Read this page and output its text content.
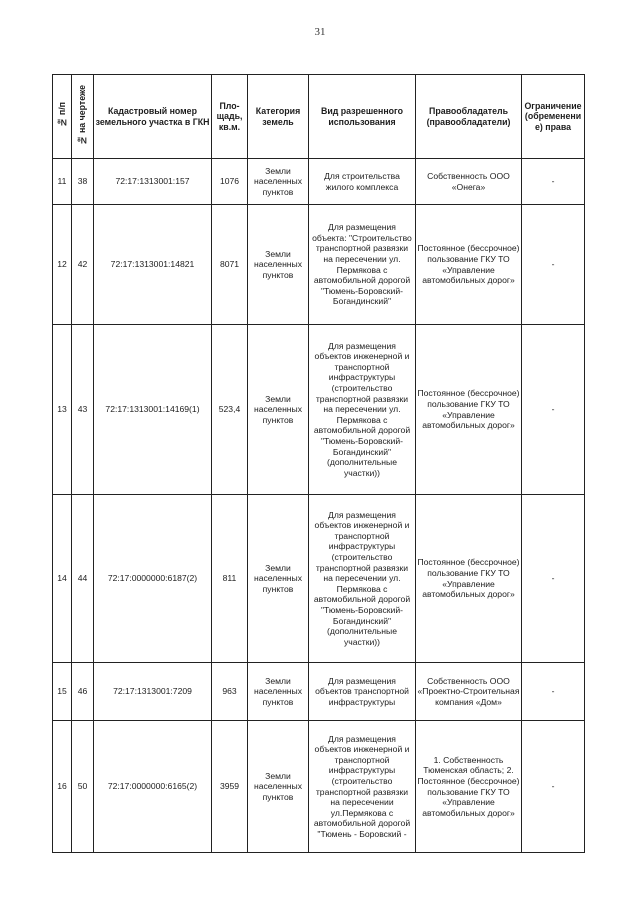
31
№ п/п	№ на чертеже	Кадастровый номер земельного участка в ГКН	Пло-щадь, кв.м.	Категория земель	Вид разрешенного использования	Правообладатель (правообладатели)	Ограничение (обременение) права
11	38	72:17:1313001:157	1076	Земли населенных пунктов	Для строительства жилого комплекса	Собственность ООО «Онега»	-
12	42	72:17:1313001:14821	8071	Земли населенных пунктов	Для размещения объекта: "Строительство транспортной развязки на пересечении ул. Пермякова с автомобильной дорогой "Тюмень-Боровский-Богандинский"	Постоянное (бессрочное) пользование ГКУ ТО «Управление автомобильных дорог»	-
13	43	72:17:1313001:14169(1)	523,4	Земли населенных пунктов	Для размещения объектов инженерной и транспортной инфраструктуры (строительство транспортной развязки на пересечении ул. Пермякова с автомобильной дорогой "Тюмень-Боровский-Богандинский" (дополнительные участки))	Постоянное (бессрочное) пользование ГКУ ТО «Управление автомобильных дорог»	-
14	44	72:17:0000000:6187(2)	811	Земли населенных пунктов	Для размещения объектов инженерной и транспортной инфраструктуры (строительство транспортной развязки на пересечении ул. Пермякова с автомобильной дорогой "Тюмень-Боровский-Богандинский" (дополнительные участки))	Постоянное (бессрочное) пользование ГКУ ТО «Управление автомобильных дорог»	-
15	46	72:17:1313001:7209	963	Земли населенных пунктов	Для размещения объектов транспортной инфраструктуры	Собственность ООО «Проектно-Строительная компания «Дом»	-
16	50	72:17:0000000:6165(2)	3959	Земли населенных пунктов	Для размещения объектов инженерной и транспортной инфраструктуры (строительство транспортной развязки на пересечении ул.Пермякова с автомобильной дорогой "Тюмень - Боровский -	1. Собственность Тюменская область; 2. Постоянное (бессрочное) пользование ГКУ ТО «Управление автомобильных дорог»	-
